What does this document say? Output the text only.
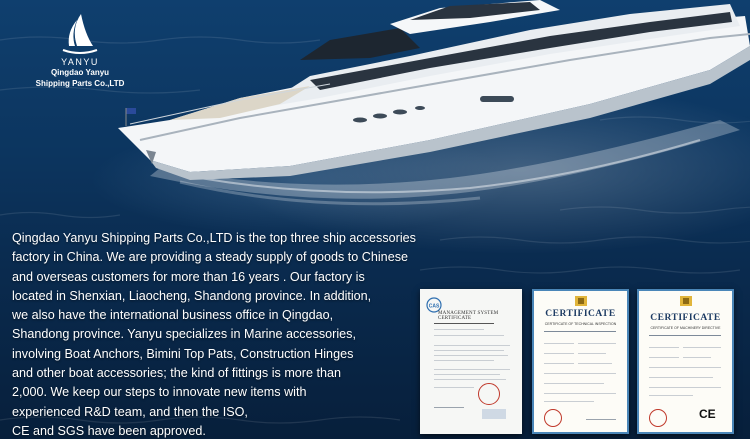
YANYU
Qingdao Yanyu
Shipping Parts Co.,LTD

Qingdao Yanyu Shipping Parts Co.,LTD is the top three ship accessories

factory in China. We are providing a steady supply of goods to Chinese

and overseas customers for more than 16 years . Our factory is

located in Shenxian, Liaocheng, Shandong province. In addition,

we also have the international business office in Qingdao,

Shandong province. Yanyu specializes in Marine accessories,

involving Boat Anchors, Bimini Top Pats, Construction Hinges

and other boat accessories; the kind of fittings is more than

2,000. We keep our steps to innovate new items with

experienced R&D team, and then the ISO,

CE and SGS have been approved.

CAS
MANAGEMENT SYSTEM CERTIFICATE	CERTIFICATE
CERTIFICATE OF TECHNICAL INSPECTION
CERTIFICATE
CERTIFICATE OF MACHINERY DIRECTIVE
CE
